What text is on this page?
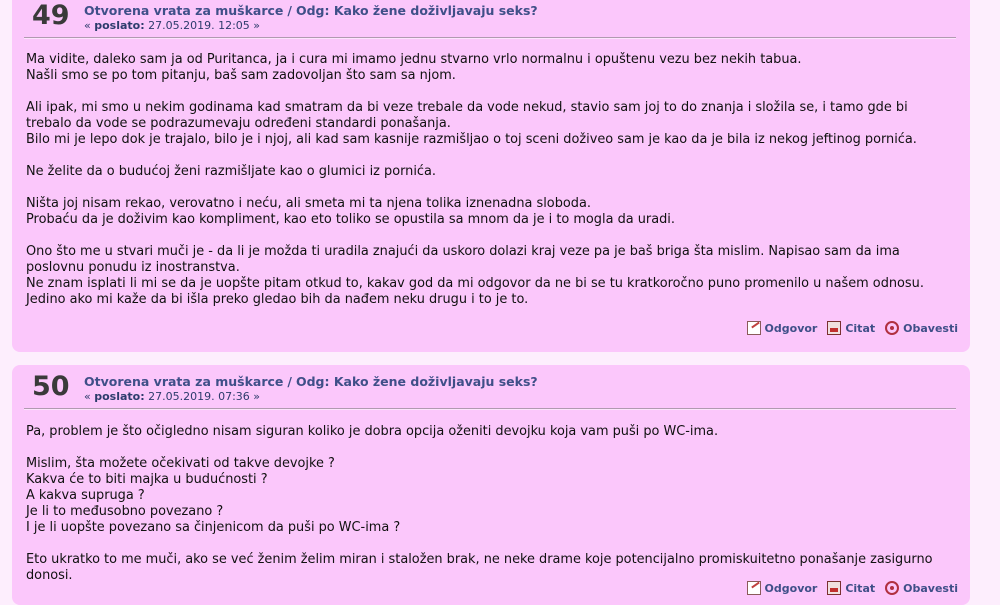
49 Otvorena vrata za muškarce / Odg: Kako žene doživljavaju seks?
« poslato: 27.05.2019. 12:05 »

Ma vidite, daleko sam ja od Puritanca, ja i cura mi imamo jednu stvarno vrlo normalnu i opuštenu vezu bez nekih tabua.
Našli smo se po tom pitanju, baš sam zadovoljan što sam sa njom.

Ali ipak, mi smo u nekim godinama kad smatram da bi veze trebale da vode nekud, stavio sam joj to do znanja i složila se, i tamo gde bi trebalo da vode se podrazumevaju određeni standardi ponašanja.
Bilo mi je lepo dok je trajalo, bilo je i njoj, ali kad sam kasnije razmišljao o toj sceni doživeo sam je kao da je bila iz nekog jeftinog pornića.

Ne želite da o budućoj ženi razmišljate kao o glumici iz pornića.

Ništa joj nisam rekao, verovatno i neću, ali smeta mi ta njena tolika iznenadna sloboda.
Probaću da je doživim kao kompliment, kao eto toliko se opustila sa mnom da je i to mogla da uradi.

Ono što me u stvari muči je - da li je možda ti uradila znajući da uskoro dolazi kraj veze pa je baš briga šta mislim. Napisao sam da ima poslovnu ponudu iz inostranstva.
Ne znam isplati li mi se da je uopšte pitam otkud to, kakav god da mi odgovor da ne bi se tu kratkoročno puno promenilo u našem odnosu.
Jedino ako mi kaže da bi išla preko gledao bih da nađem neku drugu i to je to.

Odgovor	Citat	Obavesti
50 Otvorena vrata za muškarce / Odg: Kako žene doživljavaju seks?
« poslato: 27.05.2019. 07:36 »

Pa, problem je što očigledno nisam siguran koliko je dobra opcija oženiti devojku koja vam puši po WC-ima.

Mislim, šta možete očekivati od takve devojke ?
Kakva će to biti majka u budućnosti ?
A kakva supruga ?
Je li to međusobno povezano ?
I je li uopšte povezano sa činjenicom da puši po WC-ima ?

Eto ukratko to me muči, ako se već ženim želim miran i staložen brak, ne neke drame koje potencijalno promiskuitetno ponašanje zasigurno donosi.

Odgovor	Citat	Obavesti
